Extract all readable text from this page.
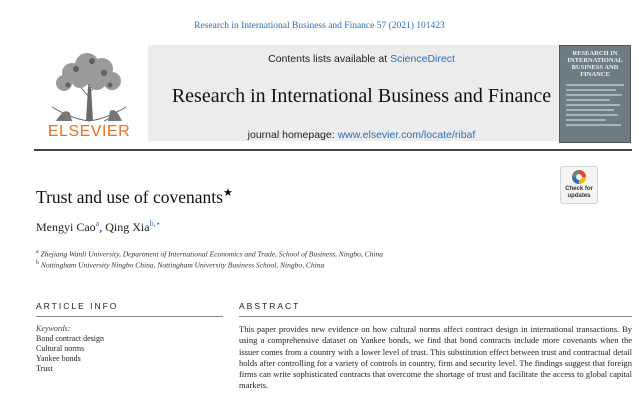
Research in International Business and Finance 57 (2021) 101423
ELSEVIER
Contents lists available at ScienceDirect
Research in International Business and Finance
journal homepage: www.elsevier.com/locate/ribaf
RESEARCH IN INTERNATIONAL BUSINESS AND FINANCE
Trust and use of covenants★	Check for updates
Mengyi Cao$^a$, Qing Xia$^{b,⋆}$
$^a$ Zhejiang Wanli University, Department of International Economics and Trade, School of Business, Ningbo, China
$^b$ Nottingham University Ningbo China, Nottingham University Business School, Ningbo, China
ARTICLE INFO	ABSTRACT
Keywords:
Bond contract design
Cultural norms
Yankee bonds
Trust
This paper provides new evidence on how cultural norms affect contract design in international transactions. By using a comprehensive dataset on Yankee bonds, we find that bond contracts include more covenants when the issuer comes from a country with a lower level of trust. This substitution effect between trust and contractual detail holds after controlling for a variety of controls in country, firm and security level. The findings suggest that foreign firms can write sophisticated contracts that overcome the shortage of trust and facilitate the access to global capital markets.
